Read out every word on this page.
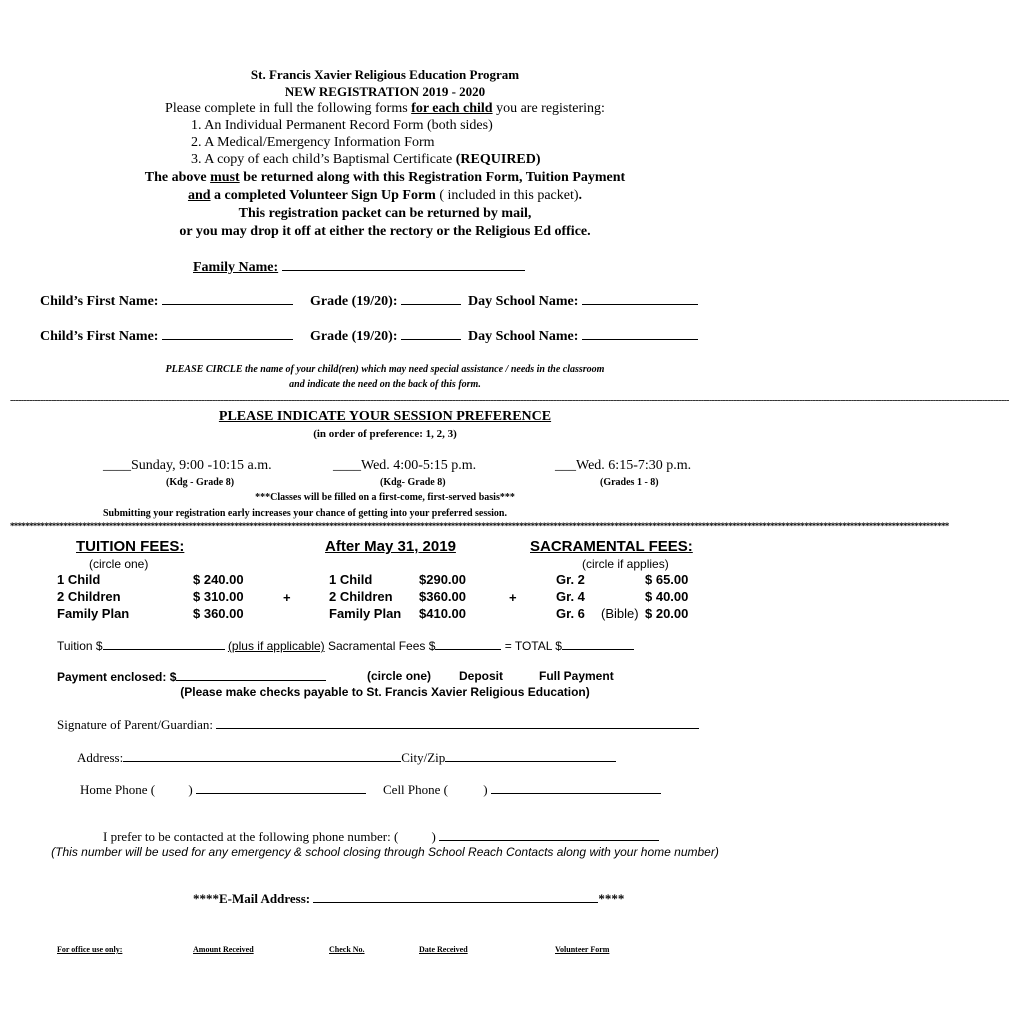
St. Francis Xavier Religious Education Program
NEW REGISTRATION 2019 - 2020
Please complete in full the following forms for each child you are registering:
1. An Individual Permanent Record Form (both sides)
2. A Medical/Emergency Information Form
3. A copy of each child’s Baptismal Certificate (REQUIRED)
The above must be returned along with this Registration Form, Tuition Payment
and a completed Volunteer Sign Up Form ( included in this packet).
This registration packet can be returned by mail,
or you may drop it off at either the rectory or the Religious Ed office.
Family Name:
Child’s First Name:	Grade (19/20):	Day School Name:
Child’s First Name:	Grade (19/20):	Day School Name:
PLEASE CIRCLE the name of your child(ren) which may need special assistance / needs in the classroom
and indicate the need on the back of this form.
------------------------------------------------------------------------------------------------------------------------------------------------------------------------------------------------------------------------------------------------------------------------------------------------------------------------------------------------------------------------------
PLEASE INDICATE YOUR SESSION PREFERENCE
(in order of preference: 1, 2, 3)
____Sunday, 9:00 -10:15 a.m.	____Wed. 4:00-5:15 p.m.	___Wed. 6:15-7:30 p.m.
(Kdg - Grade 8)	(Kdg- Grade 8)	(Grades 1 - 8)
***Classes will be filled on a first-come, first-served basis***
Submitting your registration early increases your chance of getting into your preferred session.
*******************************************************************************************************************************************************************************************************************************************************
TUITION FEES:
(circle one)
1 Child	$ 240.00
2 Children	$ 310.00
Family Plan	$ 360.00
+
After May 31, 2019
1 Child	$290.00
2 Children $360.00
Family Plan $410.00
+
SACRAMENTAL FEES:
(circle if applies)
Gr. 2	$ 65.00
Gr. 4	$ 40.00
Gr. 6 (Bible) $ 20.00
Tuition $	(plus if applicable) Sacramental Fees $	= TOTAL $
Payment enclosed: $	(circle one) Deposit	Full Payment
(Please make checks payable to St. Francis Xavier Religious Education)
Signature of Parent/Guardian:
Address:	City/Zip
Home Phone (	)	Cell Phone (	)
I prefer to be contacted at the following phone number: (	)
(This number will be used for any emergency & school closing through School Reach Contacts along with your home number)
****E-Mail Address:	****
For office use only:	Amount Received	Check No.	Date Received	Volunteer Form
